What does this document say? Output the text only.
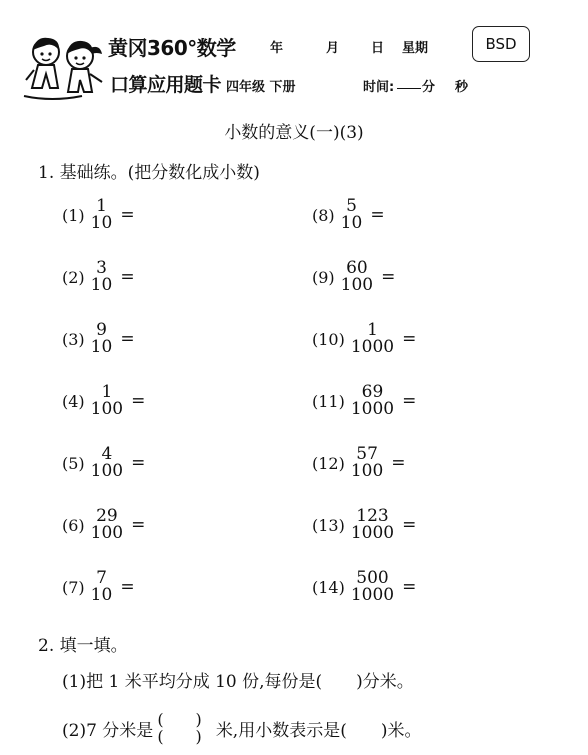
黄冈360°数学
口算应用题卡
年	月 日 星期	BSD
四年级 下册	时间: 分 秒
小数的意义(一)(3)
1. 基础练。(把分数化成小数)
(1) 1
10 =
(2) 3
10 =
(3) 9
10 =
(4) 1
100 =
(5) 4
100 =
(6) 29
100 =
(7) 7
10 =
(8) 5
10 =
(9) 60
100 =
(10) 1
1000 =
(11) 69
1000 =
(12) 57
100 =
(13) 123
1000 =
(14) 500
1000 =
2. 填一填。
(1)把 1 米平均分成 10 份,每份是(　　)分米。
(2)7 分米是
(　　)
(　　) 米,用小数表示是(　　)米。
